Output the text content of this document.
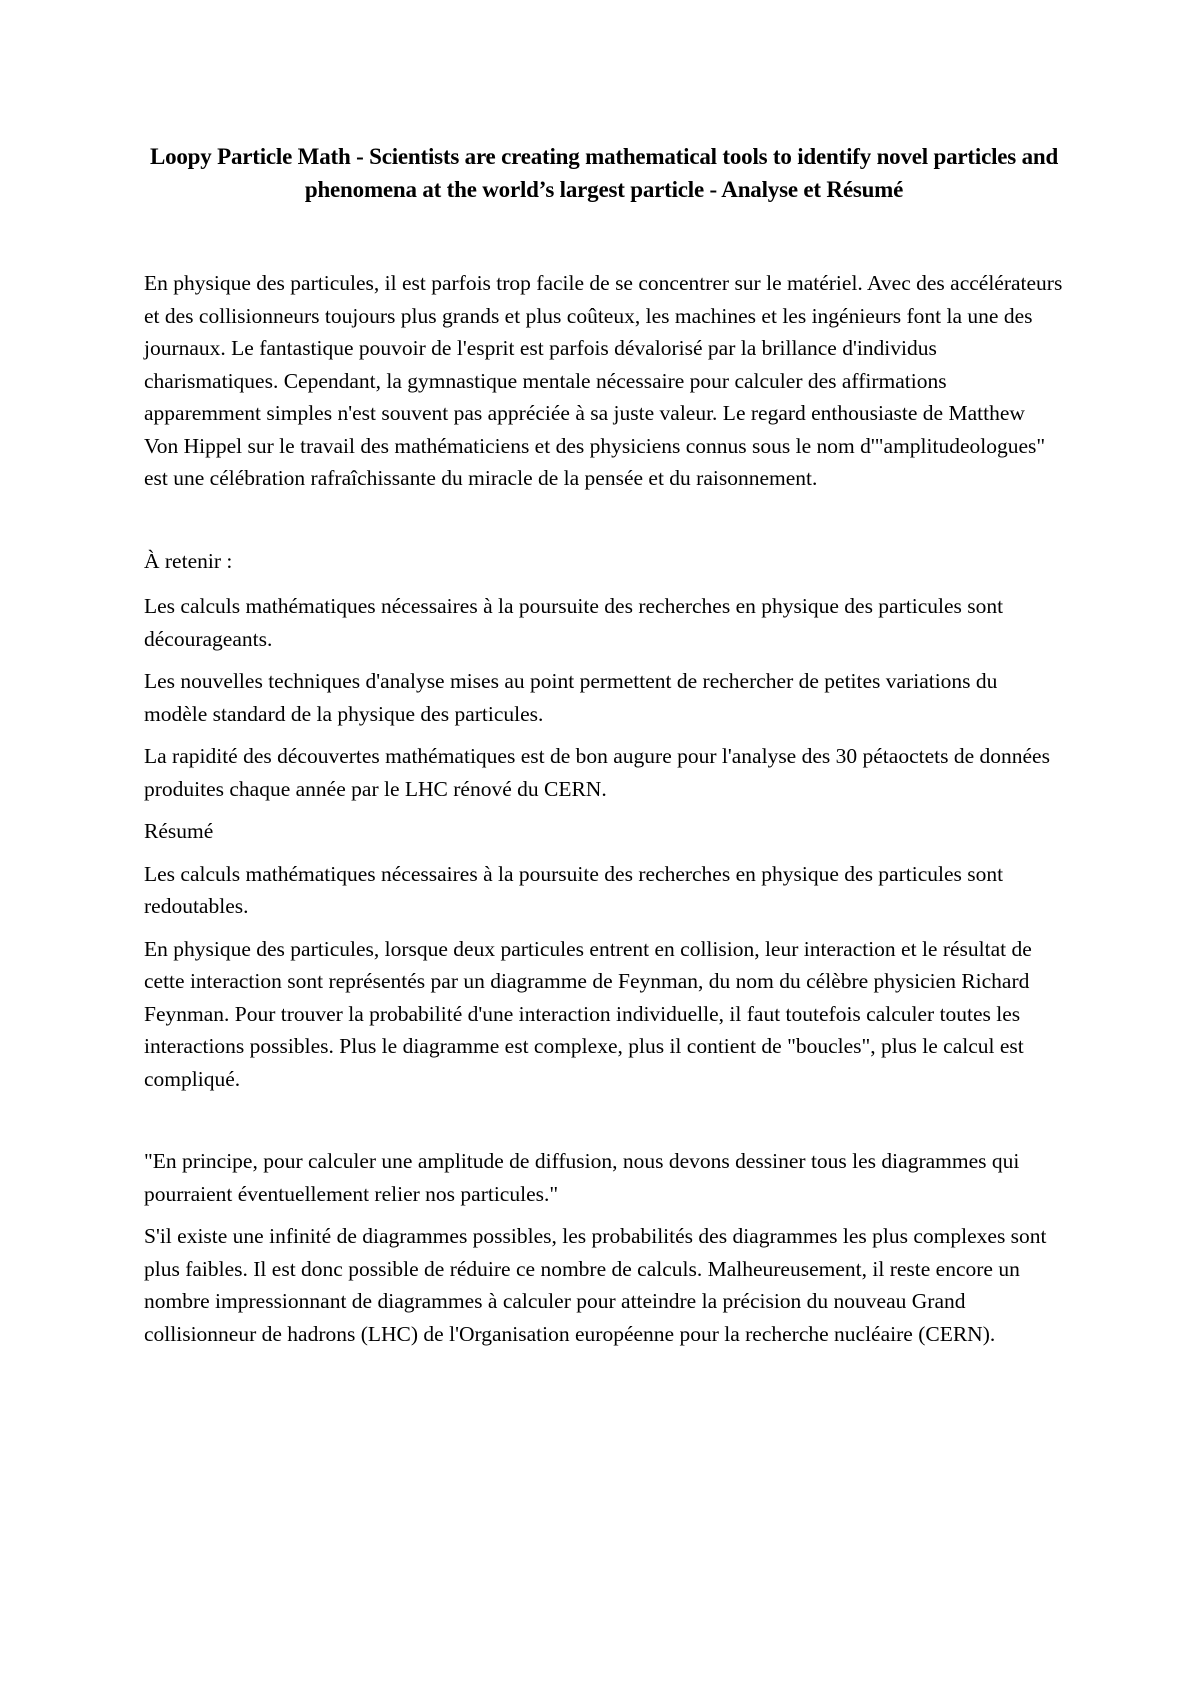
Loopy Particle Math - Scientists are creating mathematical tools to identify novel particles and phenomena at the world’s largest particle - Analyse et Résumé

En physique des particules, il est parfois trop facile de se concentrer sur le matériel. Avec des accélérateurs et des collisionneurs toujours plus grands et plus coûteux, les machines et les ingénieurs font la une des journaux. Le fantastique pouvoir de l'esprit est parfois dévalorisé par la brillance d'individus charismatiques. Cependant, la gymnastique mentale nécessaire pour calculer des affirmations apparemment simples n'est souvent pas appréciée à sa juste valeur. Le regard enthousiaste de Matthew Von Hippel sur le travail des mathématiciens et des physiciens connus sous le nom d'"amplitudeologues" est une célébration rafraîchissante du miracle de la pensée et du raisonnement.

À retenir :

Les calculs mathématiques nécessaires à la poursuite des recherches en physique des particules sont décourageants.

Les nouvelles techniques d'analyse mises au point permettent de rechercher de petites variations du modèle standard de la physique des particules.

La rapidité des découvertes mathématiques est de bon augure pour l'analyse des 30 pétaoctets de données produites chaque année par le LHC rénové du CERN.

Résumé

Les calculs mathématiques nécessaires à la poursuite des recherches en physique des particules sont redoutables.

En physique des particules, lorsque deux particules entrent en collision, leur interaction et le résultat de cette interaction sont représentés par un diagramme de Feynman, du nom du célèbre physicien Richard Feynman. Pour trouver la probabilité d'une interaction individuelle, il faut toutefois calculer toutes les interactions possibles. Plus le diagramme est complexe, plus il contient de "boucles", plus le calcul est compliqué.

"En principe, pour calculer une amplitude de diffusion, nous devons dessiner tous les diagrammes qui pourraient éventuellement relier nos particules."

S'il existe une infinité de diagrammes possibles, les probabilités des diagrammes les plus complexes sont plus faibles. Il est donc possible de réduire ce nombre de calculs. Malheureusement, il reste encore un nombre impressionnant de diagrammes à calculer pour atteindre la précision du nouveau Grand collisionneur de hadrons (LHC) de l'Organisation européenne pour la recherche nucléaire (CERN).
